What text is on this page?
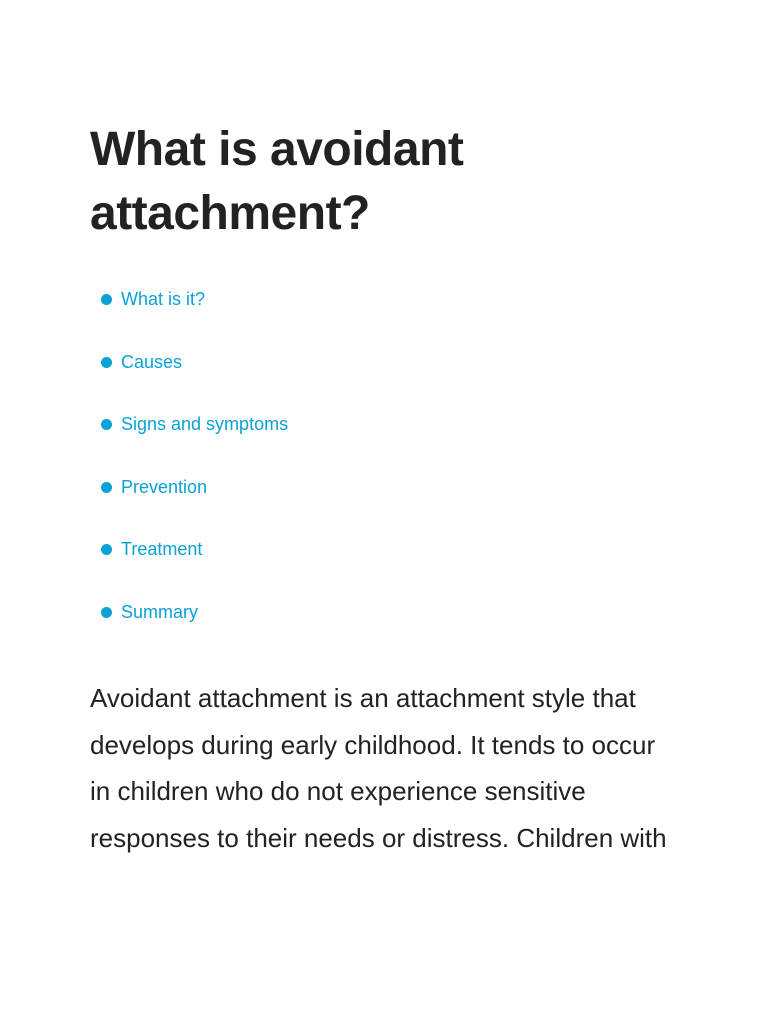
What is avoidant attachment?
What is it?
Causes
Signs and symptoms
Prevention
Treatment
Summary

Avoidant attachment is an attachment style that
develops during early childhood. It tends to occur
in children who do not experience sensitive
responses to their needs or distress. Children with
